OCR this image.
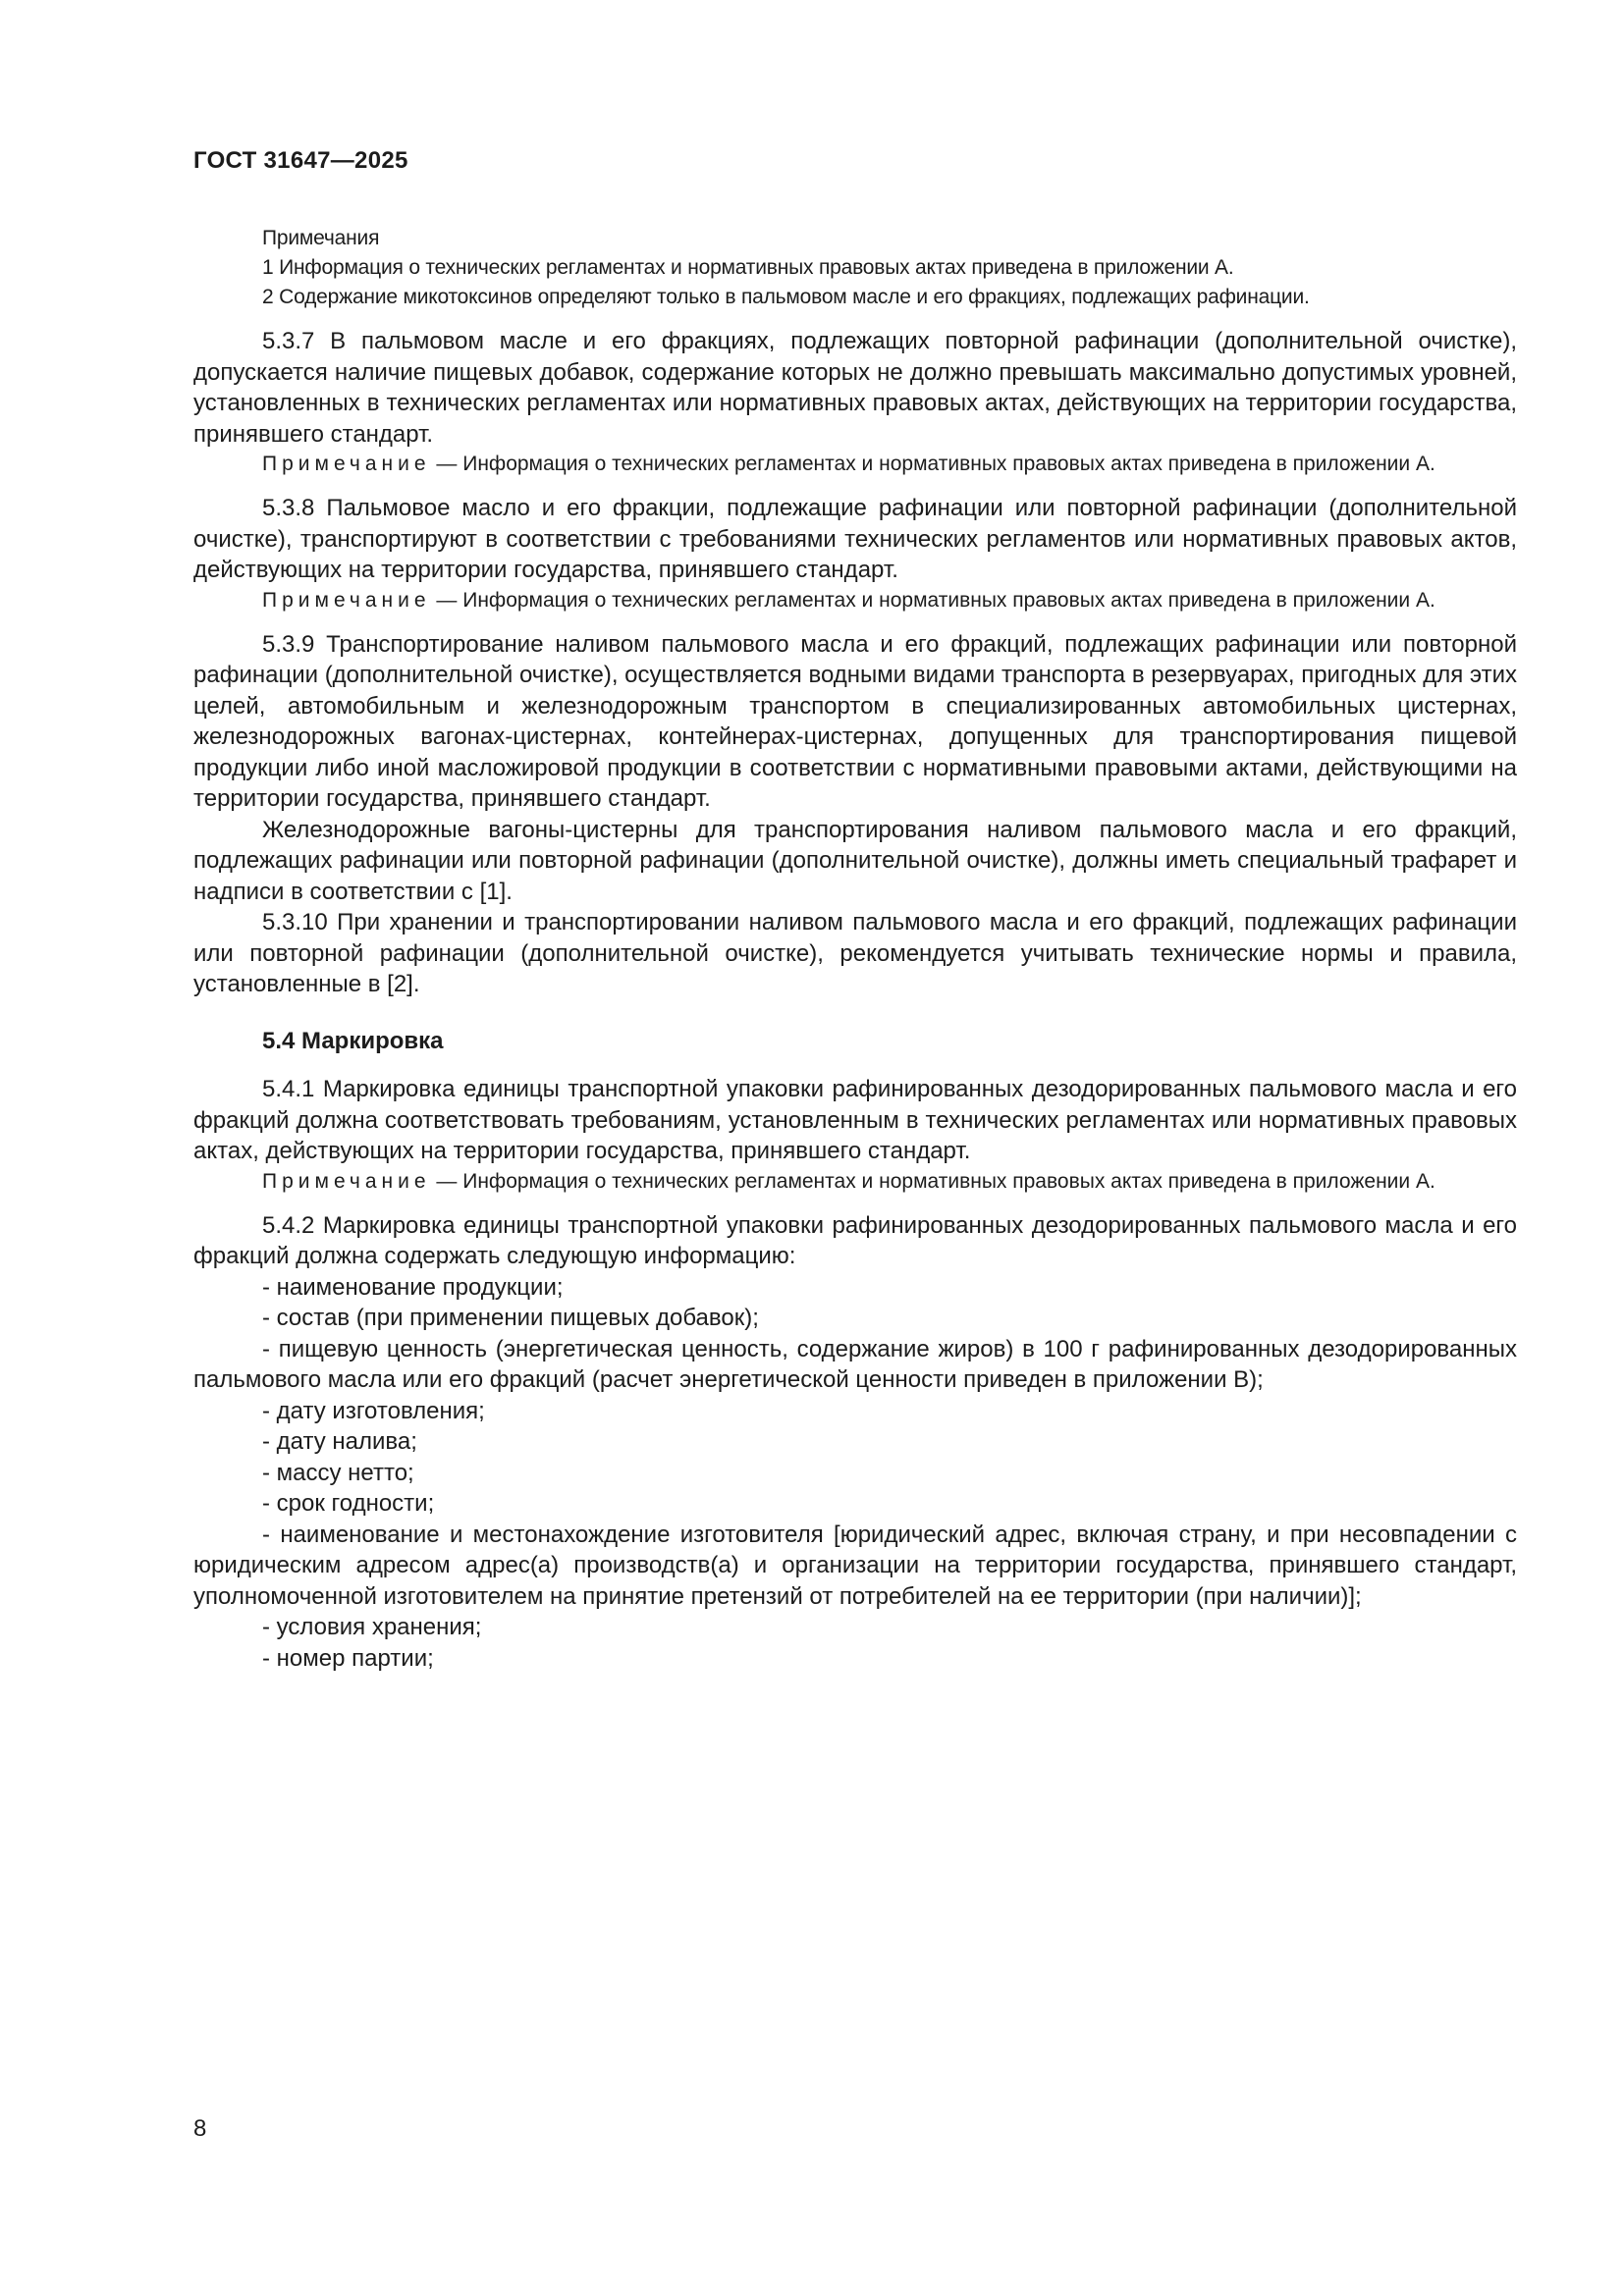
ГОСТ 31647—2025

Примечания

1 Информация о технических регламентах и нормативных правовых актах приведена в приложении А.

2 Содержание микотоксинов определяют только в пальмовом масле и его фракциях, подлежащих рафинации.

5.3.7 В пальмовом масле и его фракциях, подлежащих повторной рафинации (дополнительной очистке), допускается наличие пищевых добавок, содержание которых не должно превышать максимально допустимых уровней, установленных в технических регламентах или нормативных правовых актах, действующих на территории государства, принявшего стандарт.

Примечание — Информация о технических регламентах и нормативных правовых актах приведена в приложении А.

5.3.8 Пальмовое масло и его фракции, подлежащие рафинации или повторной рафинации (дополнительной очистке), транспортируют в соответствии с требованиями технических регламентов или нормативных правовых актов, действующих на территории государства, принявшего стандарт.

Примечание — Информация о технических регламентах и нормативных правовых актах приведена в приложении А.

5.3.9 Транспортирование наливом пальмового масла и его фракций, подлежащих рафинации или повторной рафинации (дополнительной очистке), осуществляется водными видами транспорта в резервуарах, пригодных для этих целей, автомобильным и железнодорожным транспортом в специализированных автомобильных цистернах, железнодорожных вагонах-цистернах, контейнерах-цистернах, допущенных для транспортирования пищевой продукции либо иной масложировой продукции в соответствии с нормативными правовыми актами, действующими на территории государства, принявшего стандарт.

Железнодорожные вагоны-цистерны для транспортирования наливом пальмового масла и его фракций, подлежащих рафинации или повторной рафинации (дополнительной очистке), должны иметь специальный трафарет и надписи в соответствии с [1].

5.3.10 При хранении и транспортировании наливом пальмового масла и его фракций, подлежащих рафинации или повторной рафинации (дополнительной очистке), рекомендуется учитывать технические нормы и правила, установленные в [2].

5.4 Маркировка

5.4.1 Маркировка единицы транспортной упаковки рафинированных дезодорированных пальмового масла и его фракций должна соответствовать требованиям, установленным в технических регламентах или нормативных правовых актах, действующих на территории государства, принявшего стандарт.

Примечание — Информация о технических регламентах и нормативных правовых актах приведена в приложении А.

5.4.2 Маркировка единицы транспортной упаковки рафинированных дезодорированных пальмового масла и его фракций должна содержать следующую информацию:

- наименование продукции;

- состав (при применении пищевых добавок);

- пищевую ценность (энергетическая ценность, содержание жиров) в 100 г рафинированных дезодорированных пальмового масла или его фракций (расчет энергетической ценности приведен в приложении В);

- дату изготовления;

- дату налива;

- массу нетто;

- срок годности;

- наименование и местонахождение изготовителя [юридический адрес, включая страну, и при несовпадении с юридическим адресом адрес(а) производств(а) и организации на территории государства, принявшего стандарт, уполномоченной изготовителем на принятие претензий от потребителей на ее территории (при наличии)];

- условия хранения;

- номер партии;

8
